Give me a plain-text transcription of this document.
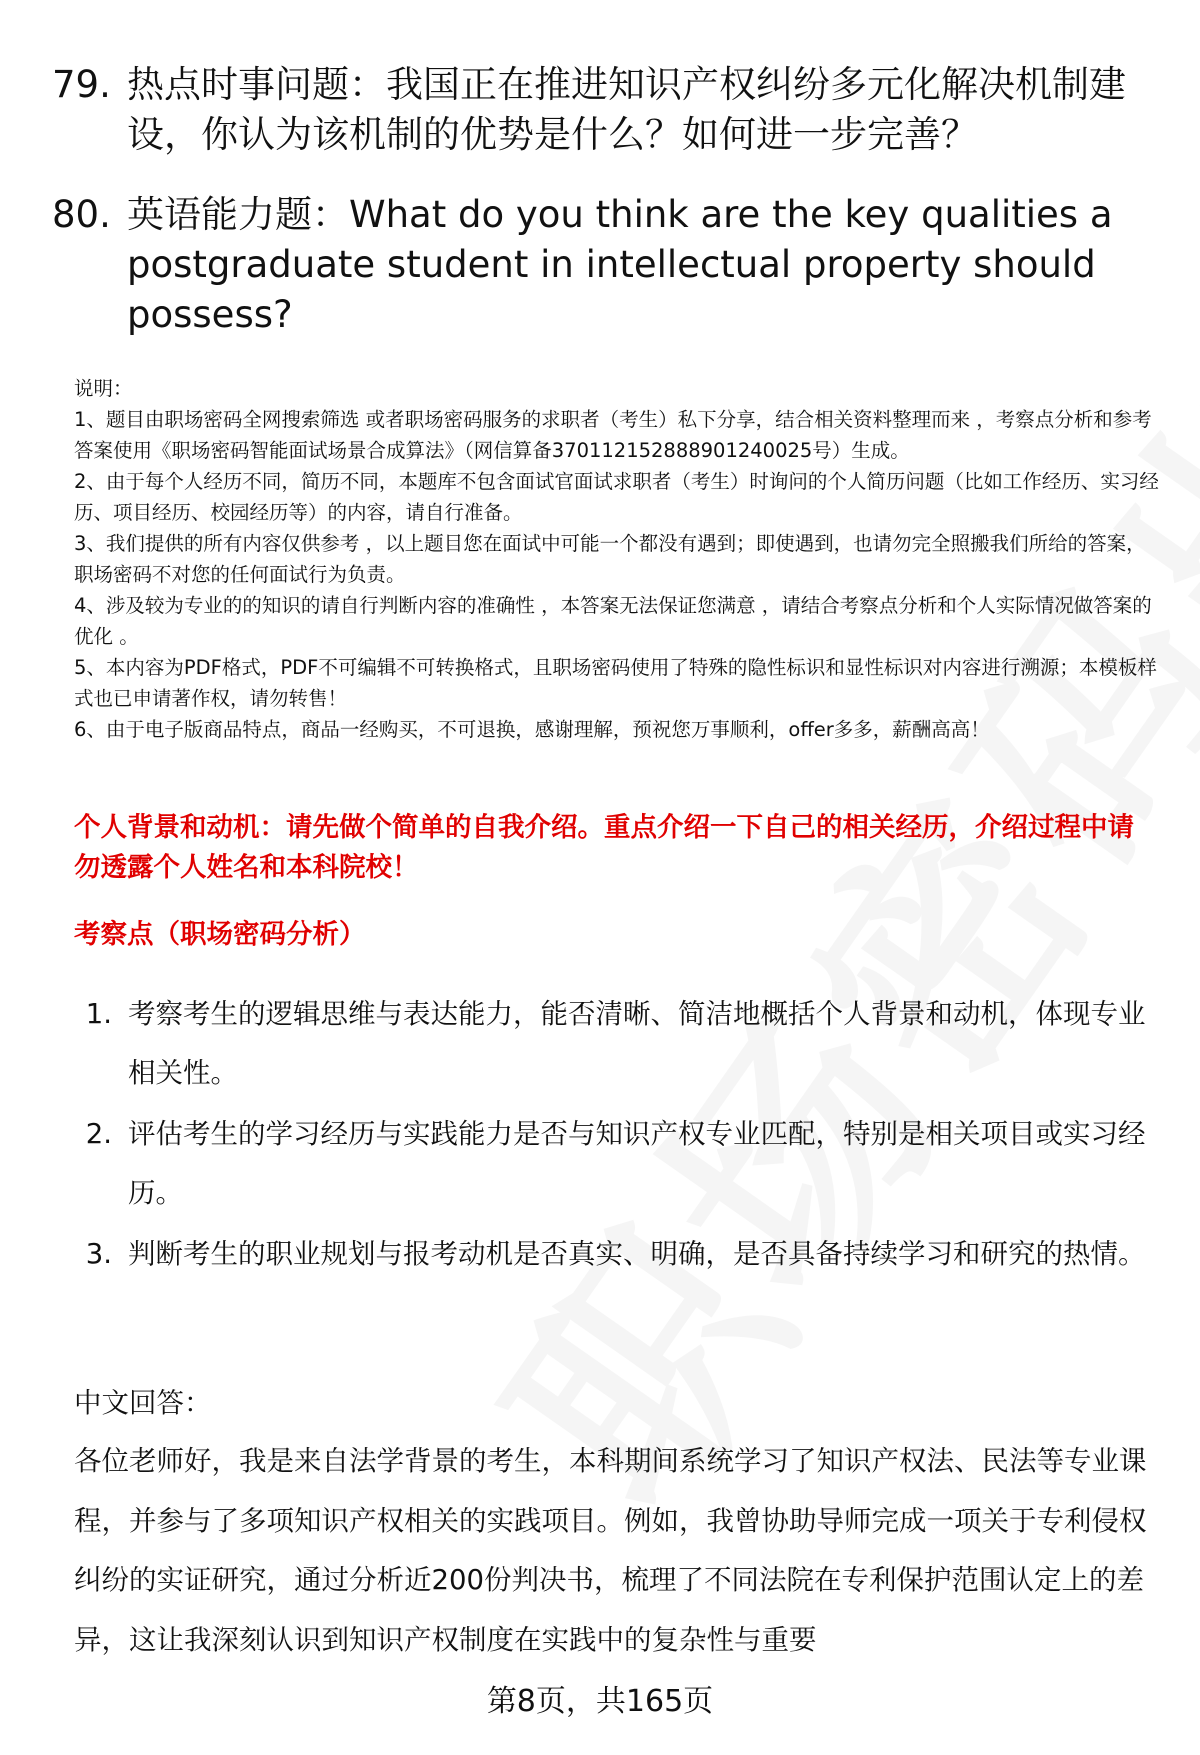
79. 热点时事问题：我国正在推进知识产权纠纷多元化解决机制建设，你认为该机制的优势是什么？如何进一步完善？
80. 英语能力题：What do you think are the key qualities a postgraduate student in intellectual property should possess?

说明：

1、题目由职场密码全网搜索筛选 或者职场密码服务的求职者（考生）私下分享，结合相关资料整理而来 ，考察点分析和参考答案使用《职场密码智能面试场景合成算法》（网信算备370112152888901240025号）生成。

2、由于每个人经历不同，简历不同，本题库不包含面试官面试求职者（考生）时询问的个人简历问题（比如工作经历、实习经历、项目经历、校园经历等）的内容，请自行准备。

3、我们提供的所有内容仅供参考 ，以上题目您在面试中可能一个都没有遇到；即使遇到，也请勿完全照搬我们所给的答案，职场密码不对您的任何面试行为负责。

4、涉及较为专业的的知识的请自行判断内容的准确性 ，本答案无法保证您满意 ，请结合考察点分析和个人实际情况做答案的优化 。

5、本内容为PDF格式，PDF不可编辑不可转换格式，且职场密码使用了特殊的隐性标识和显性标识对内容进行溯源；本模板样式也已申请著作权，请勿转售！

6、由于电子版商品特点，商品一经购买，不可退换，感谢理解，预祝您万事顺利，offer多多，薪酬高高！

个人背景和动机：请先做个简单的自我介绍。重点介绍一下自己的相关经历，介绍过程中请勿透露个人姓名和本科院校！
考察点（职场密码分析）
1. 考察考生的逻辑思维与表达能力，能否清晰、简洁地概括个人背景和动机，体现专业相关性。
2. 评估考生的学习经历与实践能力是否与知识产权专业匹配，特别是相关项目或实习经历。
3. 判断考生的职业规划与报考动机是否真实、明确，是否具备持续学习和研究的热情。
中文回答：

各位老师好，我是来自法学背景的考生，本科期间系统学习了知识产权法、民法等专业课程，并参与了多项知识产权相关的实践项目。例如，我曾协助导师完成一项关于专利侵权纠纷的实证研究，通过分析近200份判决书，梳理了不同法院在专利保护范围认定上的差异，这让我深刻认识到知识产权制度在实践中的复杂性与重要

第8页，共165页
